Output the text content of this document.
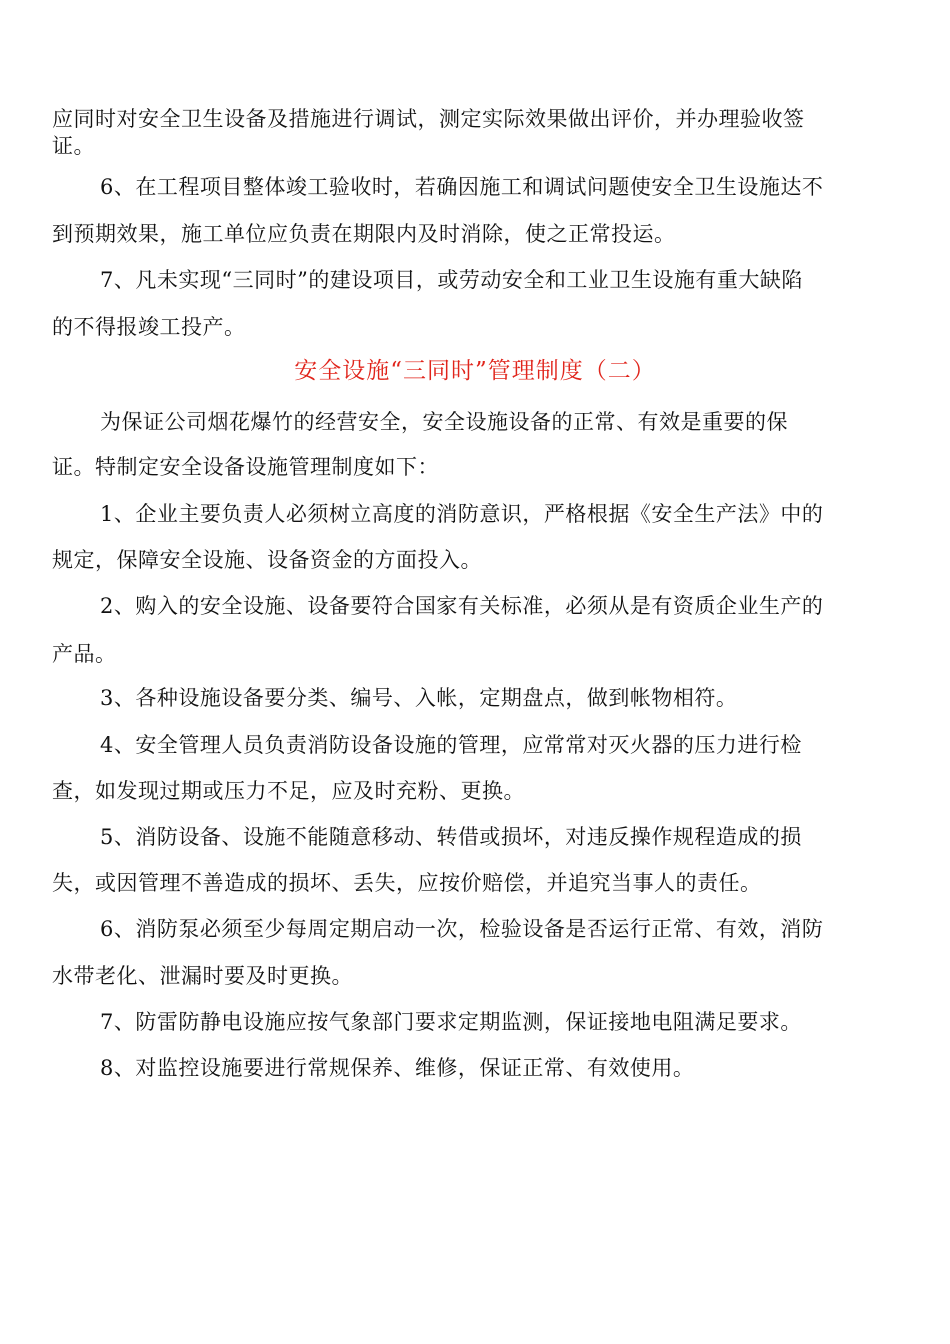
应同时对安全卫生设备及措施进行调试，测定实际效果做出评价，并办理验收签
证。
6、在工程项目整体竣工验收时，若确因施工和调试问题使安全卫生设施达不
到预期效果，施工单位应负责在期限内及时消除，使之正常投运。
7、凡未实现“三同时”的建设项目，或劳动安全和工业卫生设施有重大缺陷
的不得报竣工投产。
安全设施“三同时”管理制度（二）
为保证公司烟花爆竹的经营安全，安全设施设备的正常、有效是重要的保
证。特制定安全设备设施管理制度如下：
1、企业主要负责人必须树立高度的消防意识，严格根据《安全生产法》中的
规定，保障安全设施、设备资金的方面投入。
2、购入的安全设施、设备要符合国家有关标准，必须从是有资质企业生产的
产品。
3、各种设施设备要分类、编号、入帐，定期盘点，做到帐物相符。
4、安全管理人员负责消防设备设施的管理，应常常对灭火器的压力进行检
查，如发现过期或压力不足，应及时充粉、更换。
5、消防设备、设施不能随意移动、转借或损坏，对违反操作规程造成的损
失，或因管理不善造成的损坏、丢失，应按价赔偿，并追究当事人的责任。
6、消防泵必须至少每周定期启动一次，检验设备是否运行正常、有效，消防
水带老化、泄漏时要及时更换。
7、防雷防静电设施应按气象部门要求定期监测，保证接地电阻满足要求。
8、对监控设施要进行常规保养、维修，保证正常、有效使用。
